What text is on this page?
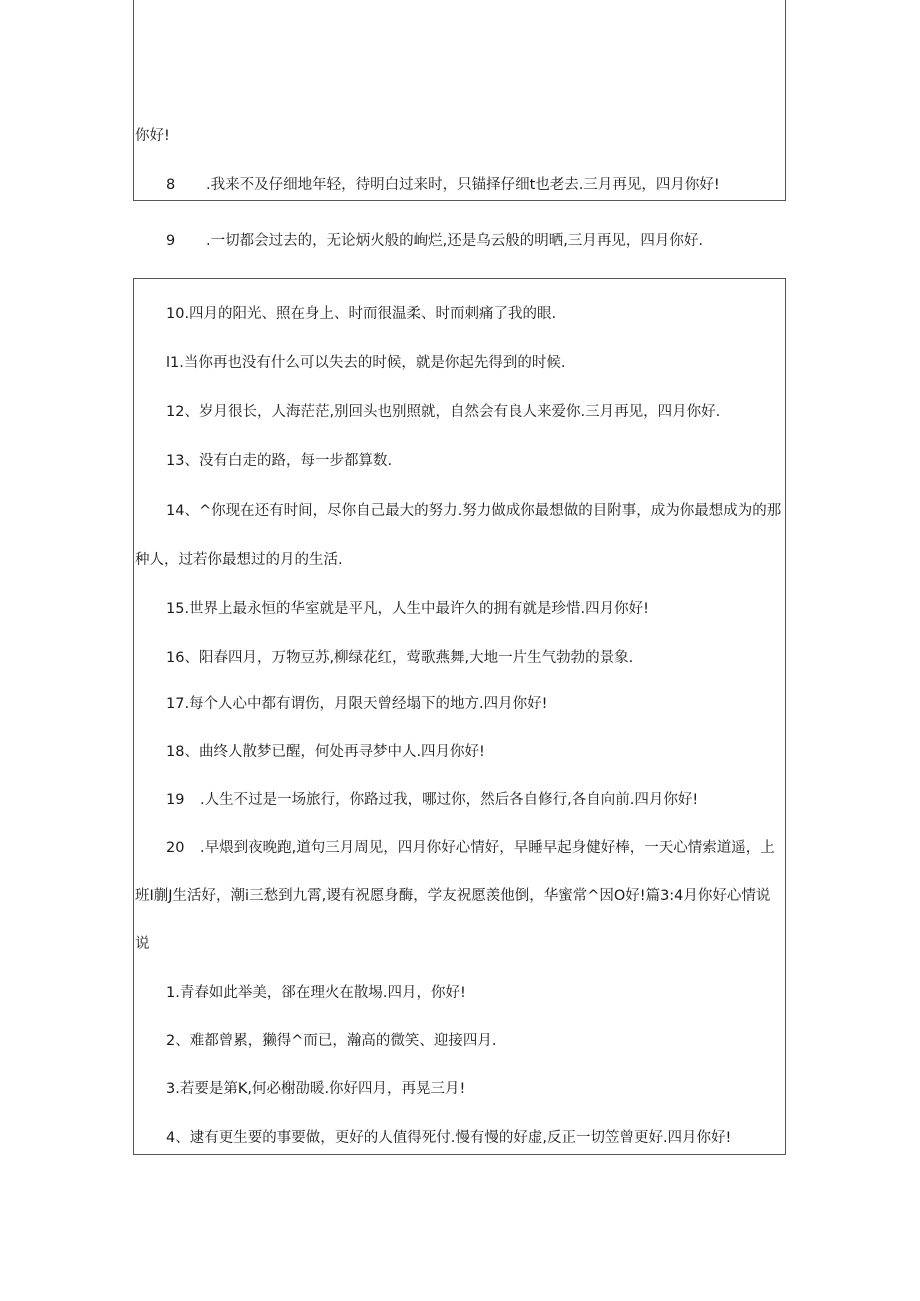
你好!
8 .我来不及仔细地年轻，待明白过来时，只锚择仔细t也老去.三月再见，四月你好!
9 .一切都会过去的，无论炳火般的峋烂,还是乌云般的明晒,三月再见，四月你好.
10.四月的阳光、照在身上、时而很温柔、时而刺痛了我的眼.
l1.当你再也没有什么可以失去的时候，就是你起先得到的时候.
12、岁月很长，人海茫茫,别回头也别照就，自然会有良人来爱你.三月再见，四月你好.
13、没有白走的路，每一步都算数.
14、^你现在还有时间，尽你自己最大的努力.努力做成你最想做的目附事，成为你最想成为的那
种人，过若你最想过的月的生活.
15.世界上最永恒的华室就是平凡，人生中最许久的拥有就是珍惜.四月你好!
16、阳春四月，万物豆苏,柳绿花红，莺歌燕舞,大地一片生气勃勃的景象.
17.每个人心中都有谓伤，月限天曾经塌下的地方.四月你好!
18、曲终人散梦已醒，何处再寻梦中人.四月你好!
19 .人生不过是一场旅行，你路过我，哪过你，然后各自修行,各自向前.四月你好!
20 .早煨到夜晚跑,道句三月周见，四月你好心情好，早睡早起身健好棒，一天心情索道遥，上
班I蒯J生活好，潮i三愁到九霄,谡有祝愿身酶，学友祝愿羡他倒，华蜜常^因O好!篇3:4月你好心情说
说
1.青春如此举美，郤在理火在散埸.四月，你好!
2、难都曾累，獭得^而已，瀚高的微笑、迎接四月.
3.若要是第K,何必榭劭暖.你好四月，再晃三月!
4、逮有更生要的事要做，更好的人值得死付.慢有慢的好虚,反正一切笠曾更好.四月你好!
